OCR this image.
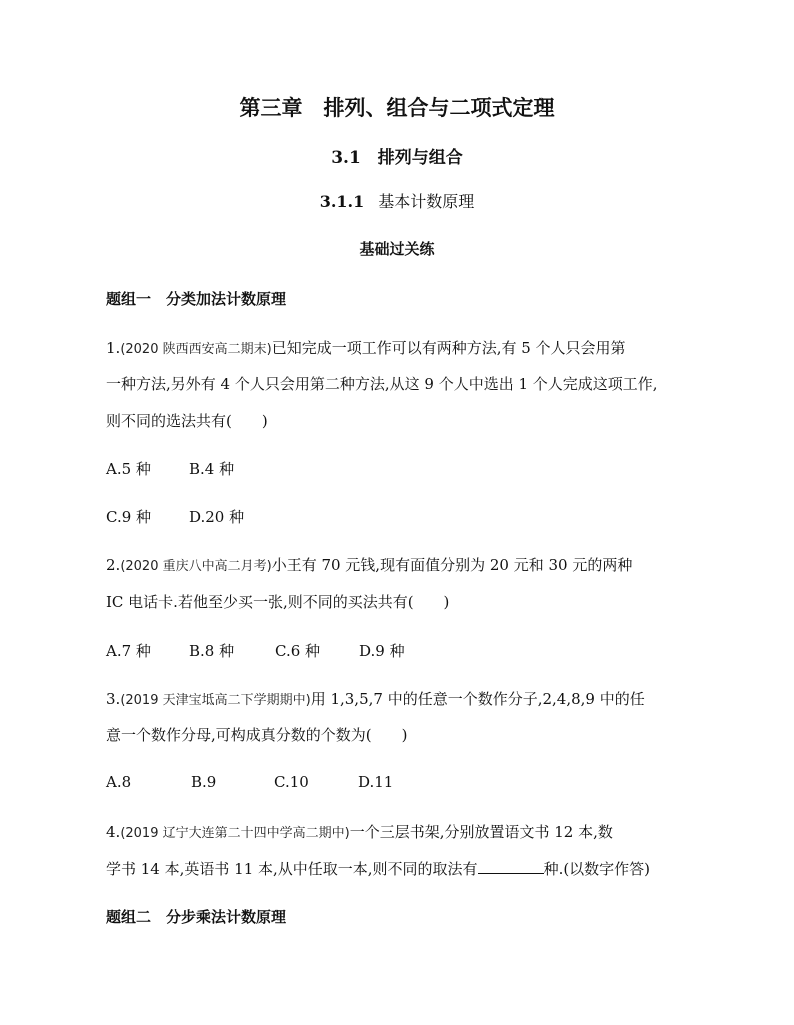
第三章　排列、组合与二项式定理
3.1　排列与组合
3.1.1 基本计数原理
基础过关练
题组一　分类加法计数原理
1.(2020 陕西西安高二期末)已知完成一项工作可以有两种方法,有 5 个人只会用第
一种方法,另外有 4 个人只会用第二种方法,从这 9 个人中选出 1 个人完成这项工作,
则不同的选法共有(　　)
A.5 种	B.4 种
C.9 种	D.20 种
2.(2020 重庆八中高二月考)小王有 70 元钱,现有面值分别为 20 元和 30 元的两种
IC 电话卡.若他至少买一张,则不同的买法共有(　　)
A.7 种	B.8 种	C.6 种	D.9 种
3.(2019 天津宝坻高二下学期期中)用 1,3,5,7 中的任意一个数作分子,2,4,8,9 中的任
意一个数作分母,可构成真分数的个数为(　　)
A.8	B.9	C.10	D.11
4.(2019 辽宁大连第二十四中学高二期中)一个三层书架,分别放置语文书 12 本,数
学书 14 本,英语书 11 本,从中任取一本,则不同的取法有	种.(以数字作答)
题组二　分步乘法计数原理
